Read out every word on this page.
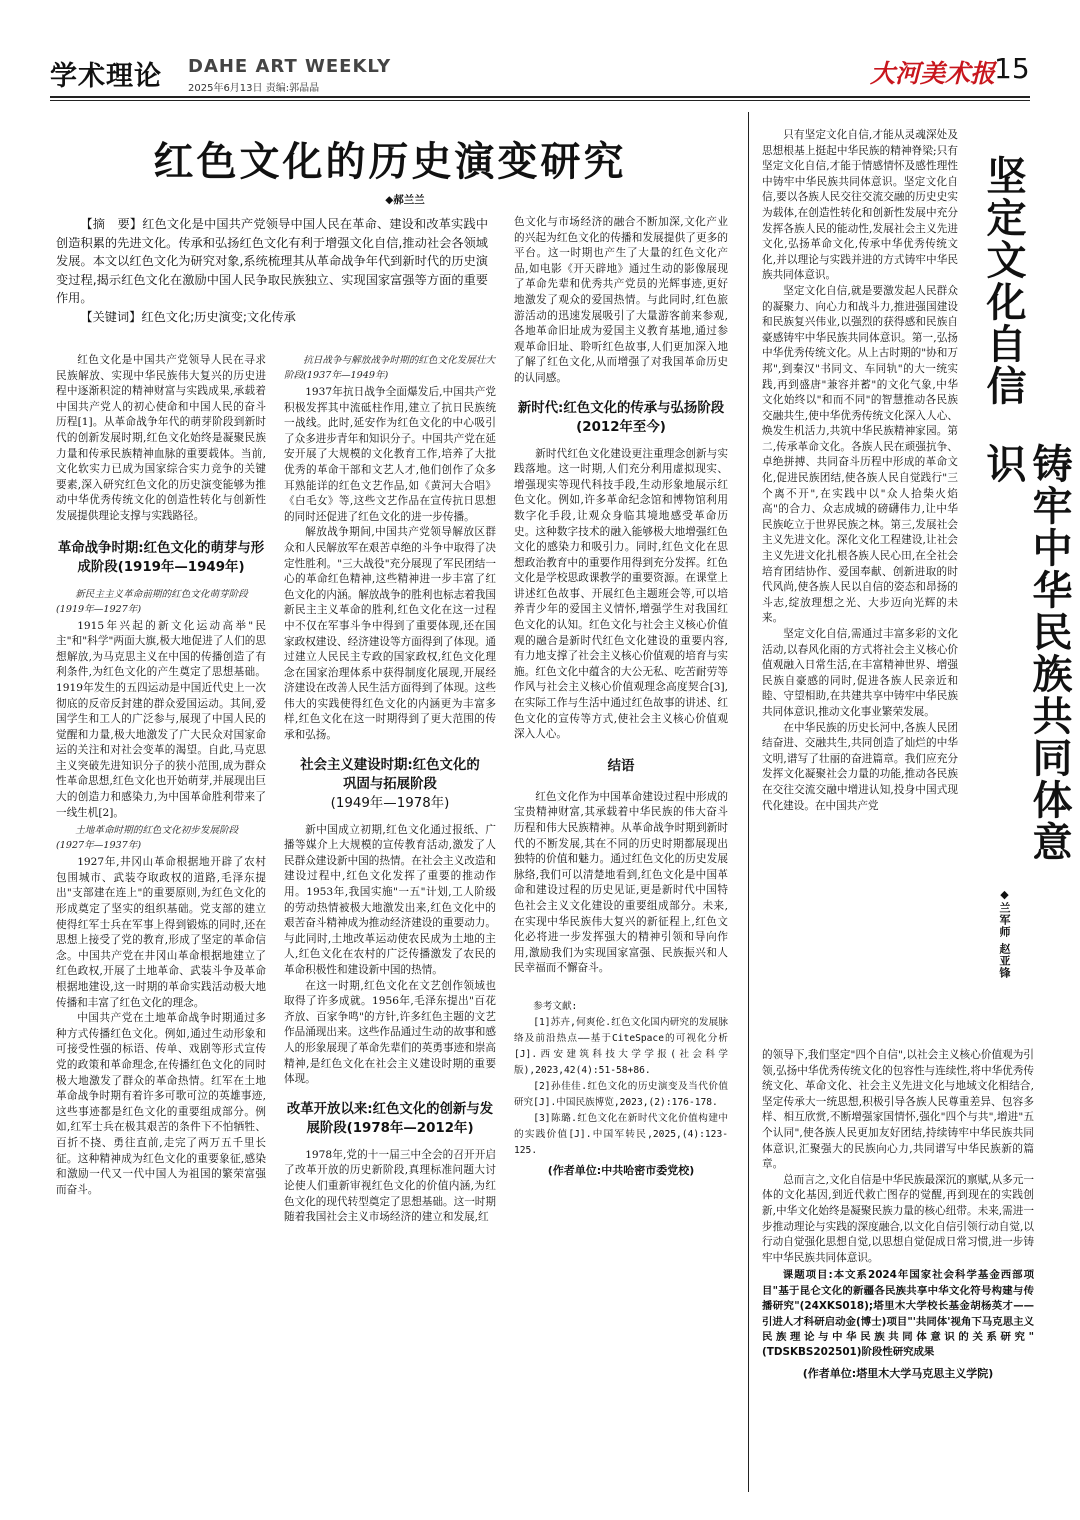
学术理论 DAHE ART WEEKLY
2025年6月13日 责编:郭晶晶
大河美术报
15
红色文化的历史演变研究
◆郝兰兰

【摘　要】红色文化是中国共产党领导中国人民在革命、建设和改革实践中创造积累的先进文化。传承和弘扬红色文化有利于增强文化自信,推动社会各领域发展。本文以红色文化为研究对象,系统梳理其从革命战争年代到新时代的历史演变过程,揭示红色文化在激励中国人民争取民族独立、实现国家富强等方面的重要作用。

【关键词】红色文化;历史演变;文化传承

红色文化是中国共产党领导人民在寻求民族解放、实现中华民族伟大复兴的历史进程中逐渐积淀的精神财富与实践成果,承载着中国共产党人的初心使命和中国人民的奋斗历程[1]。从革命战争年代的萌芽阶段到新时代的创新发展时期,红色文化始终是凝聚民族力量和传承民族精神血脉的重要载体。当前,文化软实力已成为国家综合实力竞争的关键要素,深入研究红色文化的历史演变能够为推动中华优秀传统文化的创造性转化与创新性发展提供理论支撑与实践路径。

革命战争时期:红色文化的萌芽与形成阶段(1919年—1949年)

新民主主义革命前期的红色文化萌芽阶段(1919年—1927年)

1915年兴起的新文化运动高举"民主"和"科学"两面大旗,极大地促进了人们的思想解放,为马克思主义在中国的传播创造了有利条件,为红色文化的产生奠定了思想基础。1919年发生的五四运动是中国近代史上一次彻底的反帝反封建的群众爱国运动。其间,爱国学生和工人的广泛参与,展现了中国人民的觉醒和力量,极大地激发了广大民众对国家命运的关注和对社会变革的渴望。自此,马克思主义突破先进知识分子的狭小范围,成为群众性革命思想,红色文化也开始萌芽,并展现出巨大的创造力和感染力,为中国革命胜利带来了一线生机[2]。

土地革命时期的红色文化初步发展阶段(1927年—1937年)

1927年,井冈山革命根据地开辟了农村包围城市、武装夺取政权的道路,毛泽东提出"支部建在连上"的重要原则,为红色文化的形成奠定了坚实的组织基础。党支部的建立使得红军士兵在军事上得到锻炼的同时,还在思想上接受了党的教育,形成了坚定的革命信念。中国共产党在井冈山革命根据地建立了红色政权,开展了土地革命、武装斗争及革命根据地建设,这一时期的革命实践活动极大地传播和丰富了红色文化的理念。

中国共产党在土地革命战争时期通过多种方式传播红色文化。例如,通过生动形象和可接受性强的标语、传单、戏剧等形式宣传党的政策和革命理念,在传播红色文化的同时极大地激发了群众的革命热情。红军在土地革命战争时期有着许多可歌可泣的英雄事迹,这些事迹都是红色文化的重要组成部分。例如,红军士兵在极其艰苦的条件下不怕牺牲、百折不挠、勇往直前,走完了两万五千里长征。这种精神成为红色文化的重要象征,感染和激励一代又一代中国人为祖国的繁荣富强而奋斗。

抗日战争与解放战争时期的红色文化发展壮大阶段(1937年—1949年)

1937年抗日战争全面爆发后,中国共产党积极发挥其中流砥柱作用,建立了抗日民族统一战线。此时,延安作为红色文化的中心吸引了众多进步青年和知识分子。中国共产党在延安开展了大规模的文化教育工作,培养了大批优秀的革命干部和文艺人才,他们创作了众多耳熟能详的红色文艺作品,如《黄河大合唱》《白毛女》等,这些文艺作品在宣传抗日思想的同时还促进了红色文化的进一步传播。

解放战争期间,中国共产党领导解放区群众和人民解放军在艰苦卓绝的斗争中取得了决定性胜利。"三大战役"充分展现了军民团结一心的革命红色精神,这些精神进一步丰富了红色文化的内涵。解放战争的胜利也标志着我国新民主主义革命的胜利,红色文化在这一过程中不仅在军事斗争中得到了重要体现,还在国家政权建设、经济建设等方面得到了体现。通过建立人民民主专政的国家政权,红色文化理念在国家治理体系中获得制度化展现,开展经济建设在改善人民生活方面得到了体现。这些伟大的实践使得红色文化的内涵更为丰富多样,红色文化在这一时期得到了更大范围的传承和弘扬。

社会主义建设时期:红色文化的
巩固与拓展阶段
(1949年—1978年)

新中国成立初期,红色文化通过报纸、广播等媒介上大规模的宣传教育活动,激发了人民群众建设新中国的热情。在社会主义改造和建设过程中,红色文化发挥了重要的推动作用。1953年,我国实施"一五"计划,工人阶级的劳动热情被极大地激发出来,红色文化中的艰苦奋斗精神成为推动经济建设的重要动力。与此同时,土地改革运动使农民成为土地的主人,红色文化在农村的广泛传播激发了农民的革命积极性和建设新中国的热情。

在这一时期,红色文化在文艺创作领域也取得了许多成就。1956年,毛泽东提出"百花齐放、百家争鸣"的方针,许多红色主题的文艺作品涌现出来。这些作品通过生动的故事和感人的形象展现了革命先辈们的英勇事迹和崇高精神,是红色文化在社会主义建设时期的重要体现。

改革开放以来:红色文化的创新与发展阶段(1978年—2012年)

1978年,党的十一届三中全会的召开开启了改革开放的历史新阶段,真理标准问题大讨论使人们重新审视红色文化的价值内涵,为红色文化的现代转型奠定了思想基础。这一时期随着我国社会主义市场经济的建立和发展,红

色文化与市场经济的融合不断加深,文化产业的兴起为红色文化的传播和发展提供了更多的平台。这一时期也产生了大量的红色文化产品,如电影《开天辟地》通过生动的影像展现了革命先辈和优秀共产党员的光辉事迹,更好地激发了观众的爱国热情。与此同时,红色旅游活动的迅速发展吸引了大量游客前来参观,各地革命旧址成为爱国主义教育基地,通过参观革命旧址、聆听红色故事,人们更加深入地了解了红色文化,从而增强了对我国革命历史的认同感。

新时代:红色文化的传承与弘扬阶段(2012年至今)

新时代红色文化建设更注重理念创新与实践落地。这一时期,人们充分利用虚拟现实、增强现实等现代科技手段,生动形象地展示红色文化。例如,许多革命纪念馆和博物馆利用数字化手段,让观众身临其境地感受革命历史。这种数字技术的融入能够极大地增强红色文化的感染力和吸引力。同时,红色文化在思想政治教育中的重要作用得到充分发挥。红色文化是学校思政课教学的重要资源。在课堂上讲述红色故事、开展红色主题班会等,可以培养青少年的爱国主义情怀,增强学生对我国红色文化的认知。红色文化与社会主义核心价值观的融合是新时代红色文化建设的重要内容,有力地支撑了社会主义核心价值观的培育与实施。红色文化中蕴含的大公无私、吃苦耐劳等作风与社会主义核心价值观理念高度契合[3],在实际工作与生活中通过红色故事的讲述、红色文化的宣传等方式,使社会主义核心价值观深入人心。

结语

红色文化作为中国革命建设过程中形成的宝贵精神财富,其承载着中华民族的伟大奋斗历程和伟大民族精神。从革命战争时期到新时代的不断发展,其在不同的历史时期都展现出独特的价值和魅力。通过红色文化的历史发展脉络,我们可以清楚地看到,红色文化是中国革命和建设过程的历史见证,更是新时代中国特色社会主义文化建设的重要组成部分。未来,在实现中华民族伟大复兴的新征程上,红色文化必将进一步发挥强大的精神引领和导向作用,激励我们为实现国家富强、民族振兴和人民幸福而不懈奋斗。

参考文献:

[1]苏卉,何爽伦.红色文化国内研究的发展脉络及前沿热点——基于CiteSpace的可视化分析[J].西安建筑科技大学学报(社会科学版),2023,42(4):51-58+86.

[2]孙佳佳.红色文化的历史演变及当代价值研究[J].中国民族博览,2023,(2):176-178.

[3]陈璐.红色文化在新时代文化价值构建中的实践价值[J].中国军转民,2025,(4):123-125.

(作者单位:中共哈密市委党校)
坚定文化自信
铸牢中华民族共同体意识
◆兰军师 赵亚锋

只有坚定文化自信,才能从灵魂深处及思想根基上挺起中华民族的精神脊梁;只有坚定文化自信,才能于情感情怀及感性理性中铸牢中华民族共同体意识。坚定文化自信,要以各族人民交往交流交融的历史史实为载体,在创造性转化和创新性发展中充分发挥各族人民的能动性,发展社会主义先进文化,弘扬革命文化,传承中华优秀传统文化,并以理论与实践并进的方式铸牢中华民族共同体意识。

坚定文化自信,就是要激发起人民群众的凝聚力、向心力和战斗力,推进强国建设和民族复兴伟业,以强烈的获得感和民族自豪感铸牢中华民族共同体意识。第一,弘扬中华优秀传统文化。从上古时期的"协和万邦",到秦汉"书同文、车同轨"的大一统实践,再到盛唐"兼容并蓄"的文化气象,中华文化始终以"和而不同"的智慧推动各民族交融共生,使中华优秀传统文化深入人心、焕发生机活力,共筑中华民族精神家园。第二,传承革命文化。各族人民在顽强抗争、卓绝拼搏、共同奋斗历程中形成的革命文化,促进民族团结,使各族人民自觉践行"三个离不开",在实践中以"众人拾柴火焰高"的合力、众志成城的磅礴伟力,让中华民族屹立于世界民族之林。第三,发展社会主义先进文化。深化文化工程建设,让社会主义先进文化扎根各族人民心田,在全社会培育团结协作、爱国奉献、创新进取的时代风尚,使各族人民以自信的姿态和昂扬的斗志,绽放理想之光、大步迈向光辉的未来。

坚定文化自信,需通过丰富多彩的文化活动,以春风化雨的方式将社会主义核心价值观融入日常生活,在丰富精神世界、增强民族自豪感的同时,促进各族人民亲近和睦、守望相助,在共建共享中铸牢中华民族共同体意识,推动文化事业繁荣发展。

在中华民族的历史长河中,各族人民团结奋进、交融共生,共同创造了灿烂的中华文明,谱写了壮丽的奋进篇章。我们应充分发挥文化凝聚社会力量的功能,推动各民族在交往交流交融中增进认知,投身中国式现代化建设。在中国共产党

的领导下,我们坚定"四个自信",以社会主义核心价值观为引领,弘扬中华优秀传统文化的包容性与连续性,将中华优秀传统文化、革命文化、社会主义先进文化与地域文化相结合,坚定传承大一统思想,积极引导各族人民尊重差异、包容多样、相互欣赏,不断增强家国情怀,强化"四个与共",增进"五个认同",使各族人民更加友好团结,持续铸牢中华民族共同体意识,汇聚强大的民族向心力,共同谱写中华民族新的篇章。

总而言之,文化自信是中华民族最深沉的禀赋,从多元一体的文化基因,到近代救亡图存的觉醒,再到现在的实践创新,中华文化始终是凝聚民族力量的核心纽带。未来,需进一步推动理论与实践的深度融合,以文化自信引领行动自觉,以行动自觉强化思想自觉,以思想自觉促成日常习惯,进一步铸牢中华民族共同体意识。

课题项目:本文系2024年国家社会科学基金西部项目"基于昆仑文化的新疆各民族共享中华文化符号构建与传播研究"(24XKS018);塔里木大学校长基金胡杨英才——引进人才科研启动金(博士)项目"'共同体'视角下马克思主义民族理论与中华民族共同体意识的关系研究"(TDSKBS202501)阶段性研究成果

(作者单位:塔里木大学马克思主义学院)
